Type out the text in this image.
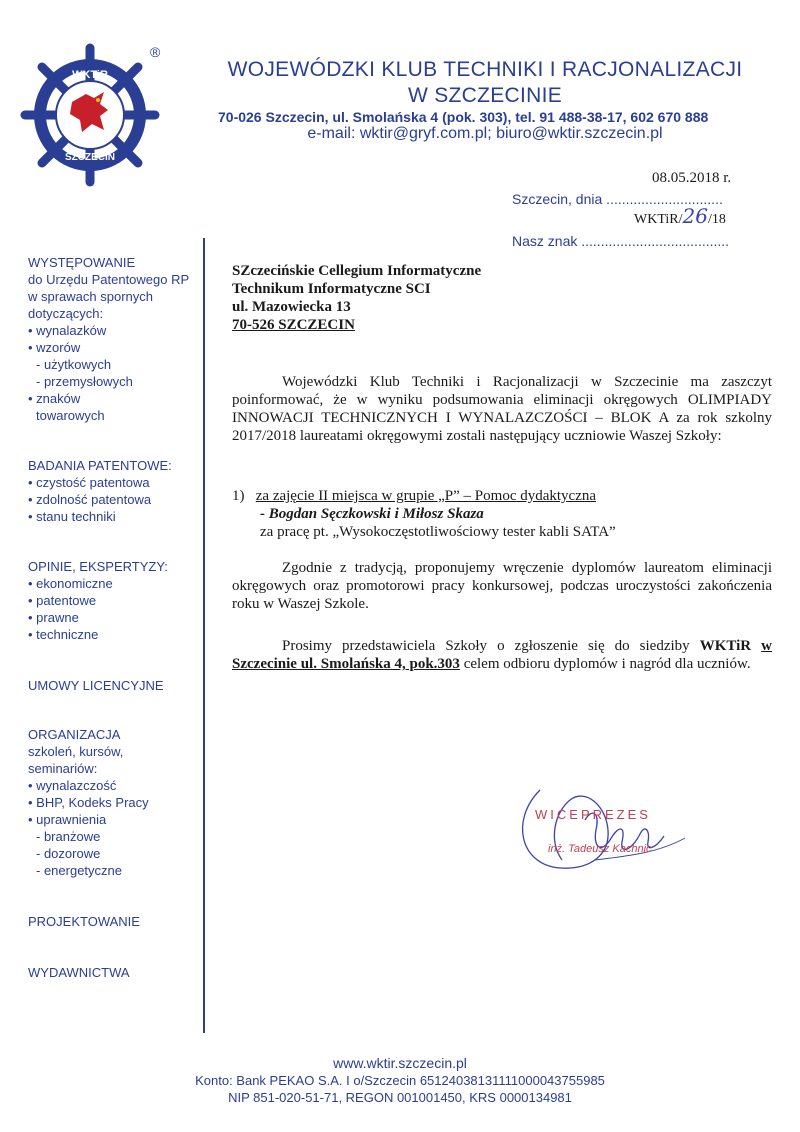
WKTiR
SZCZECIN
®
WOJEWÓDZKI KLUB TECHNIKI I RACJONALIZACJI
W SZCZECINIE
70-026 Szczecin, ul. Smolańska 4 (pok. 303), tel. 91 488-38-17, 602 670 888
e-mail: wktir@gryf.com.pl; biuro@wktir.szczecin.pl
08.05.2018 r.
Szczecin, dnia ..............................
WKTiR/26/18
Nasz znak ......................................
WYSTĘPOWANIE
do Urzędu Patentowego RP
w sprawach spornych
dotyczących:
• wynalazków
• wzorów
- użytkowych
- przemysłowych
• znaków
towarowych
BADANIA PATENTOWE:
• czystość patentowa
• zdolność patentowa
• stanu techniki
OPINIE, EKSPERTYZY:
• ekonomiczne
• patentowe
• prawne
• techniczne
UMOWY LICENCYJNE
ORGANIZACJA
szkoleń, kursów,
seminariów:
• wynalazczość
• BHP, Kodeks Pracy
• uprawnienia
- branżowe
- dozorowe
- energetyczne
PROJEKTOWANIE
WYDAWNICTWA
SZczecińskie Cellegium Informatyczne
Technikum Informatyczne SCI
ul. Mazowiecka 13
70-526 SZCZECIN
Wojewódzki Klub Techniki i Racjonalizacji w Szczecinie ma zaszczyt poinformować, że w wyniku podsumowania eliminacji okręgowych OLIMPIADY INNOWACJI TECHNICZNYCH I WYNALAZCZOŚCI – BLOK A za rok szkolny 2017/2018 laureatami okręgowymi zostali następujący uczniowie Waszej Szkoły:
1) za zajęcie II miejsca w grupie „P” – Pomoc dydaktyczna
- Bogdan Sęczkowski i Miłosz Skaza
za pracę pt. „Wysokoczęstotliwościowy tester kabli SATA”
Zgodnie z tradycją, proponujemy wręczenie dyplomów laureatom eliminacji okręgowych oraz promotorowi pracy konkursowej, podczas uroczystości zakończenia roku w Waszej Szkole.
Prosimy przedstawiciela Szkoły o zgłoszenie się do siedziby WKTiR w Szczecinie ul. Smolańska 4, pok.303 celem odbioru dyplomów i nagród dla uczniów.
WICEPREZES
inż. Tadeusz Kachnic
www.wktir.szczecin.pl
Konto: Bank PEKAO S.A. I o/Szczecin 65124038131111000043755985
NIP 851-020-51-71, REGON 001001450, KRS 0000134981
